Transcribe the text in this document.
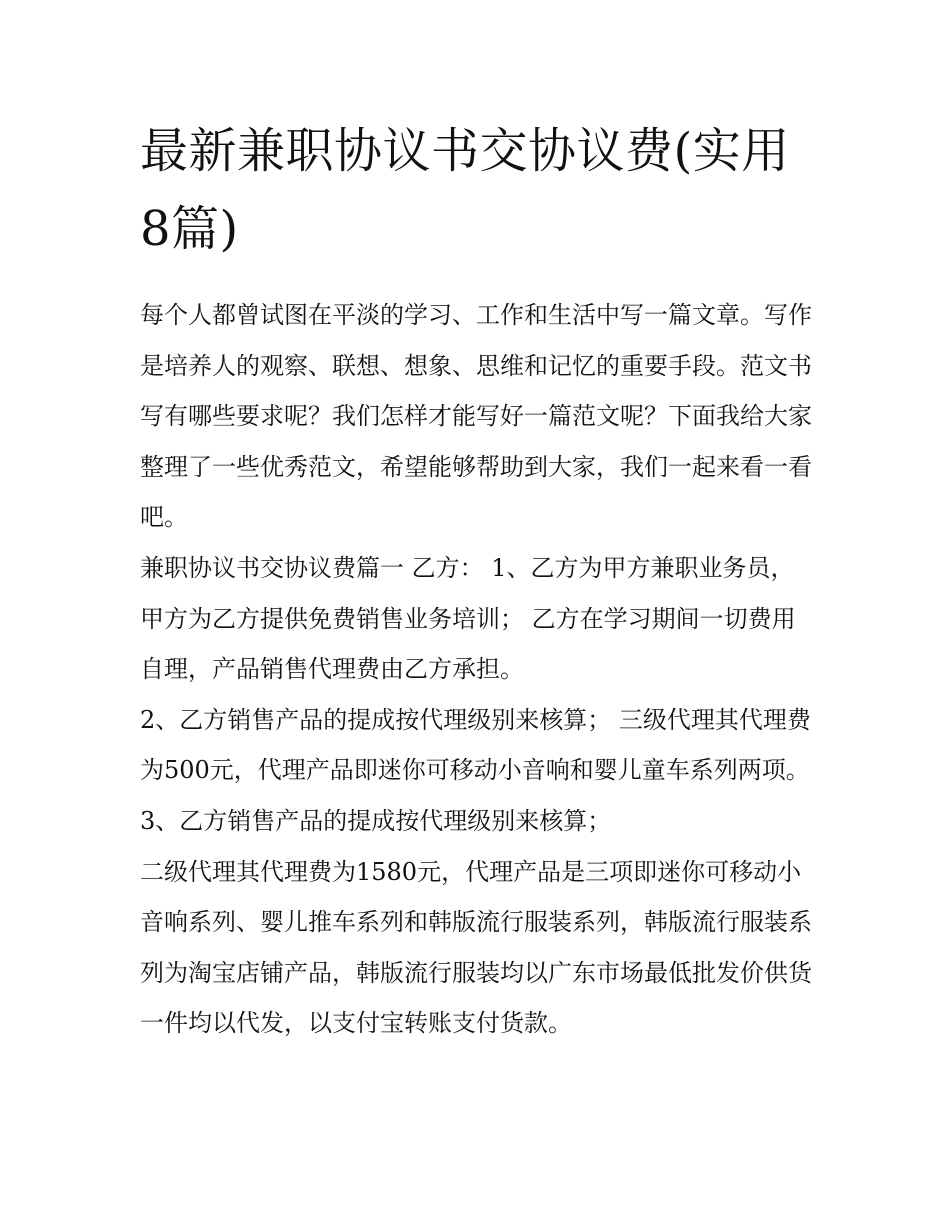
最新兼职协议书交协议费(实用8篇)

每个人都曾试图在平淡的学习、工作和生活中写一篇文章。写作是培养人的观察、联想、想象、思维和记忆的重要手段。范文书写有哪些要求呢？我们怎样才能写好一篇范文呢？下面我给大家整理了一些优秀范文，希望能够帮助到大家，我们一起来看一看吧。

兼职协议书交协议费篇一 乙方： 1、乙方为甲方兼职业务员，甲方为乙方提供免费销售业务培训； 乙方在学习期间一切费用自理，产品销售代理费由乙方承担。

2、乙方销售产品的提成按代理级别来核算； 三级代理其代理费为500元，代理产品即迷你可移动小音响和婴儿童车系列两项。

3、乙方销售产品的提成按代理级别来核算；

二级代理其代理费为1580元，代理产品是三项即迷你可移动小音响系列、婴儿推车系列和韩版流行服装系列，韩版流行服装系列为淘宝店铺产品，韩版流行服装均以广东市场最低批发价供货一件均以代发，以支付宝转账支付货款。
